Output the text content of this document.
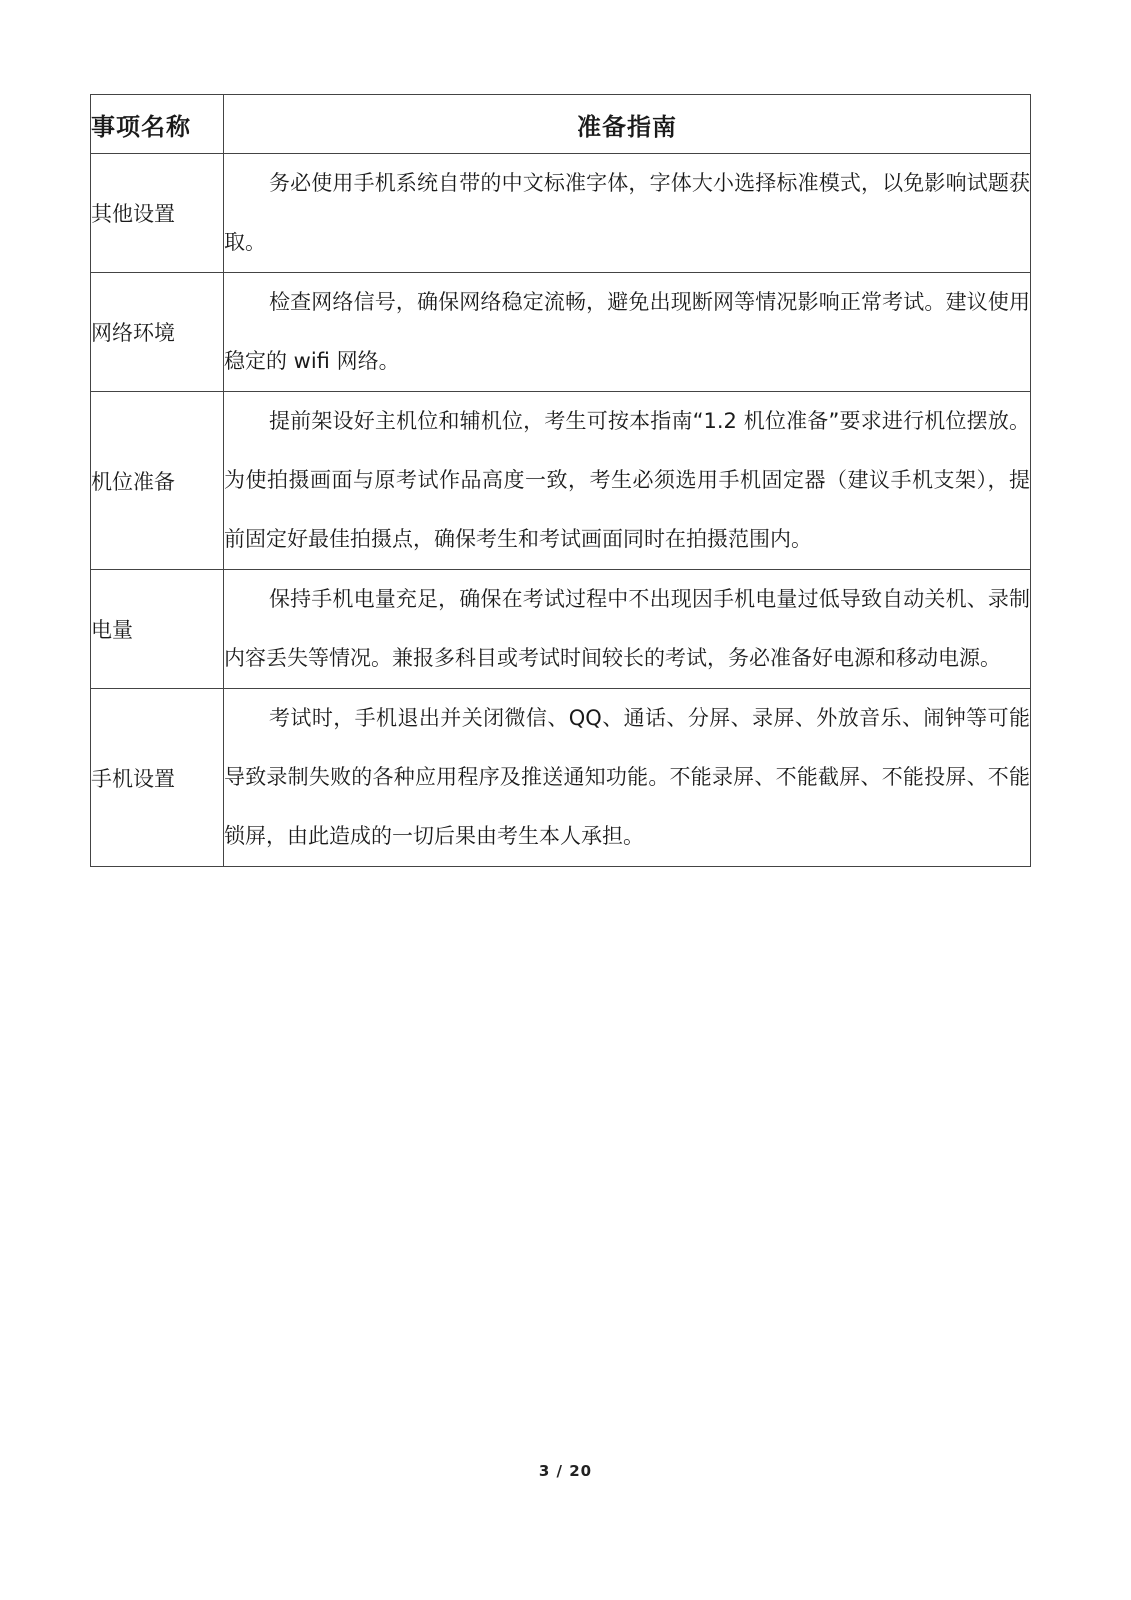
事项名称	准备指南
其他设置	务必使用手机系统自带的中文标准字体，字体大小选择标准模式，以免影响试题获取。
网络环境	检查网络信号，确保网络稳定流畅，避免出现断网等情况影响正常考试。建议使用稳定的 wifi 网络。
机位准备	提前架设好主机位和辅机位，考生可按本指南“1.2 机位准备”要求进行机位摆放。为使拍摄画面与原考试作品高度一致，考生必须选用手机固定器（建议手机支架），提前固定好最佳拍摄点，确保考生和考试画面同时在拍摄范围内。
电量	保持手机电量充足，确保在考试过程中不出现因手机电量过低导致自动关机、录制内容丢失等情况。兼报多科目或考试时间较长的考试，务必准备好电源和移动电源。
手机设置	考试时，手机退出并关闭微信、QQ、通话、分屏、录屏、外放音乐、闹钟等可能导致录制失败的各种应用程序及推送通知功能。不能录屏、不能截屏、不能投屏、不能锁屏，由此造成的一切后果由考生本人承担。
3 / 20
